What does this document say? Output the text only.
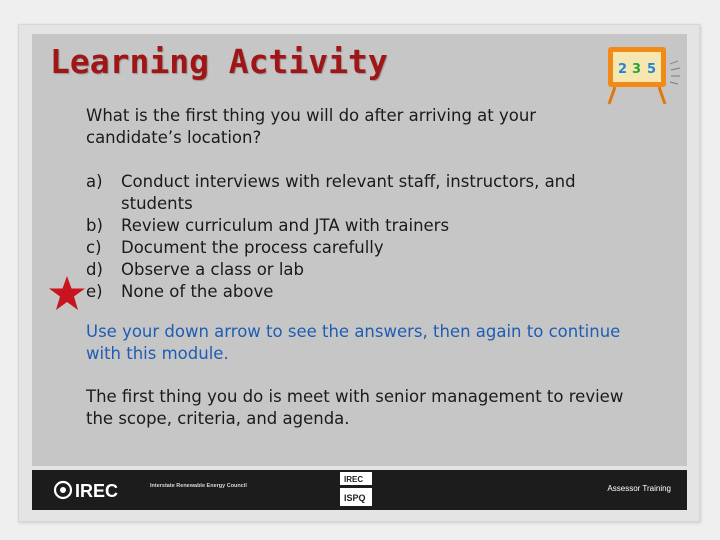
Learning Activity	2 3 5
What is the first thing you will do after arriving at your candidate’s location?
a) Conduct interviews with relevant staff, instructors, and students
b) Review curriculum and JTA with trainers
c) Document the process carefully
d) Observe a class or lab
e) None of the above
Use your down arrow to see the answers, then again to continue with this module.
The first thing you do is meet with senior management to review the scope, criteria, and agenda.
IREC	Interstate Renewable Energy Council
IREC
ISPQ
Assessor Training
